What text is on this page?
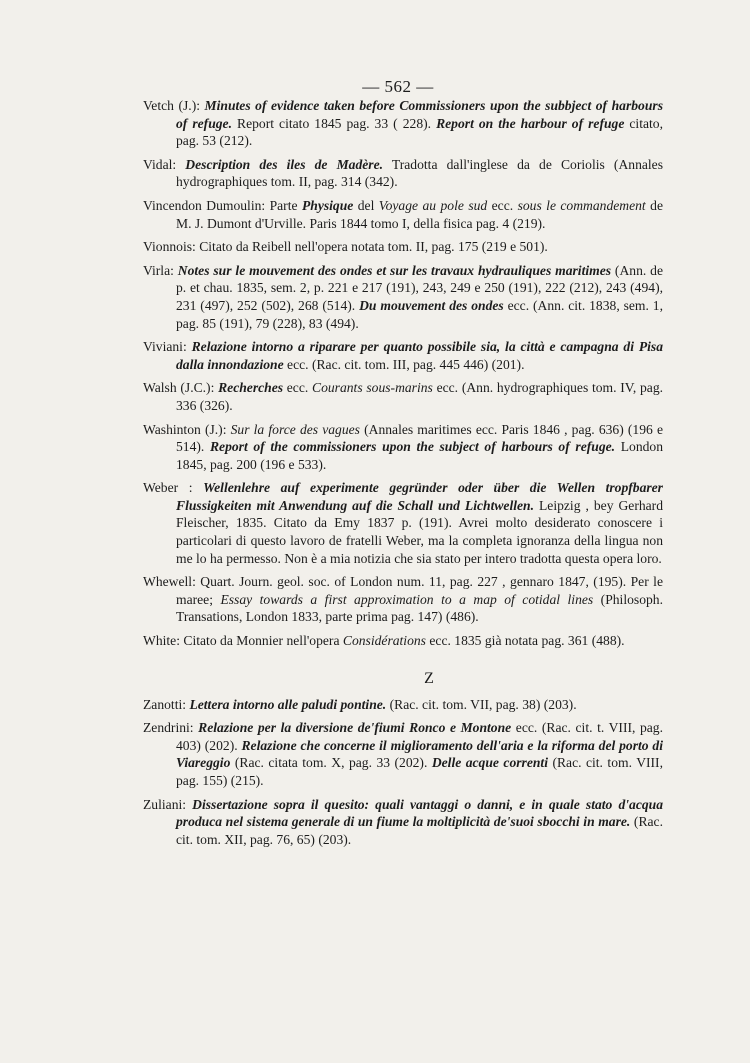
— 562 —
Vetch (J.): Minutes of evidence taken before Commissioners upon the subbject of harbours of refuge. Report citato 1845 pag. 33 ( 228). Report on the harbour of refuge citato, pag. 53 (212).
Vidal: Description des iles de Madère. Tradotta dall'inglese da de Coriolis (Annales hydrographiques tom. II, pag. 314 (342).
Vincendon Dumoulin: Parte Physique del Voyage au pole sud ecc. sous le commandement de M. J. Dumont d'Urville. Paris 1844 tomo I, della fisica pag. 4 (219).
Vionnois: Citato da Reibell nell'opera notata tom. II, pag. 175 (219 e 501).
Virla: Notes sur le mouvement des ondes et sur les travaux hydrauliques maritimes (Ann. de p. et chau. 1835, sem. 2, p. 221 e 217 (191), 243, 249 e 250 (191), 222 (212), 243 (494), 231 (497), 252 (502), 268 (514). Du mouvement des ondes ecc. (Ann. cit. 1838, sem. 1, pag. 85 (191), 79 (228), 83 (494).
Viviani: Relazione intorno a riparare per quanto possibile sia, la città e campagna di Pisa dalla innondazione ecc. (Rac. cit. tom. III, pag. 445 446) (201).
Walsh (J.C.): Recherches ecc. Courants sous-marins ecc. (Ann. hydrographiques tom. IV, pag. 336 (326).
Washinton (J.): Sur la force des vagues (Annales maritimes ecc. Paris 1846 , pag. 636) (196 e 514). Report of the commissioners upon the subject of harbours of refuge. London 1845, pag. 200 (196 e 533).
Weber : Wellenlehre auf experimente gegründer oder über die Wellen tropfbarer Flussigkeiten mit Anwendung auf die Schall und Lichtwellen. Leipzig , bey Gerhard Fleischer, 1835. Citato da Emy 1837 p. (191). Avrei molto desiderato conoscere i particolari di questo lavoro de fratelli Weber, ma la completa ignoranza della lingua non me lo ha permesso. Non è a mia notizia che sia stato per intero tradotta questa opera loro.
Whewell: Quart. Journ. geol. soc. of London num. 11, pag. 227 , gennaro 1847, (195). Per le maree; Essay towards a first approximation to a map of cotidal lines (Philosoph. Transations, London 1833, parte prima pag. 147) (486).
White: Citato da Monnier nell'opera Considérations ecc. 1835 già notata pag. 361 (488).
Z
Zanotti: Lettera intorno alle paludi pontine. (Rac. cit. tom. VII, pag. 38) (203).
Zendrini: Relazione per la diversione de'fiumi Ronco e Montone ecc. (Rac. cit. t. VIII, pag. 403) (202). Relazione che concerne il miglioramento dell'aria e la riforma del porto di Viareggio (Rac. citata tom. X, pag. 33 (202). Delle acque correnti (Rac. cit. tom. VIII, pag. 155) (215).
Zuliani: Dissertazione sopra il quesito: quali vantaggi o danni, e in quale stato d'acqua produca nel sistema generale di un fiume la moltiplicità de'suoi sbocchi in mare. (Rac. cit. tom. XII, pag. 76, 65) (203).
